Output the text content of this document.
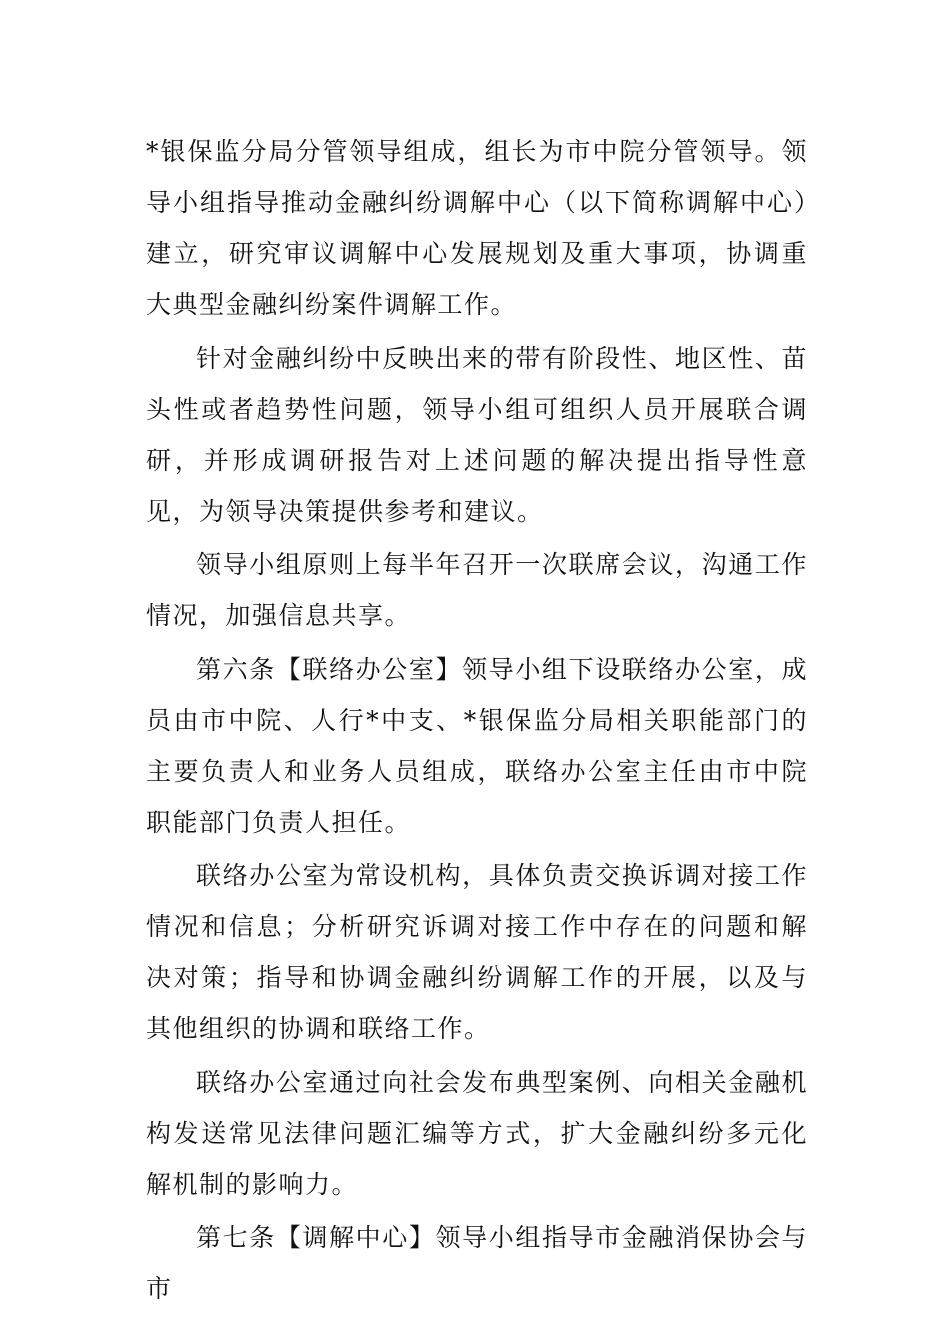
*银保监分局分管领导组成，组长为市中院分管领导。领导小组指导推动金融纠纷调解中心（以下简称调解中心）建立，研究审议调解中心发展规划及重大事项，协调重大典型金融纠纷案件调解工作。

针对金融纠纷中反映出来的带有阶段性、地区性、苗头性或者趋势性问题，领导小组可组织人员开展联合调研，并形成调研报告对上述问题的解决提出指导性意见，为领导决策提供参考和建议。

领导小组原则上每半年召开一次联席会议，沟通工作情况，加强信息共享。

第六条【联络办公室】领导小组下设联络办公室，成员由市中院、人行*中支、*银保监分局相关职能部门的主要负责人和业务人员组成，联络办公室主任由市中院职能部门负责人担任。

联络办公室为常设机构，具体负责交换诉调对接工作情况和信息；分析研究诉调对接工作中存在的问题和解决对策；指导和协调金融纠纷调解工作的开展，以及与其他组织的协调和联络工作。

联络办公室通过向社会发布典型案例、向相关金融机构发送常见法律问题汇编等方式，扩大金融纠纷多元化解机制的影响力。

第七条【调解中心】领导小组指导市金融消保协会与市
